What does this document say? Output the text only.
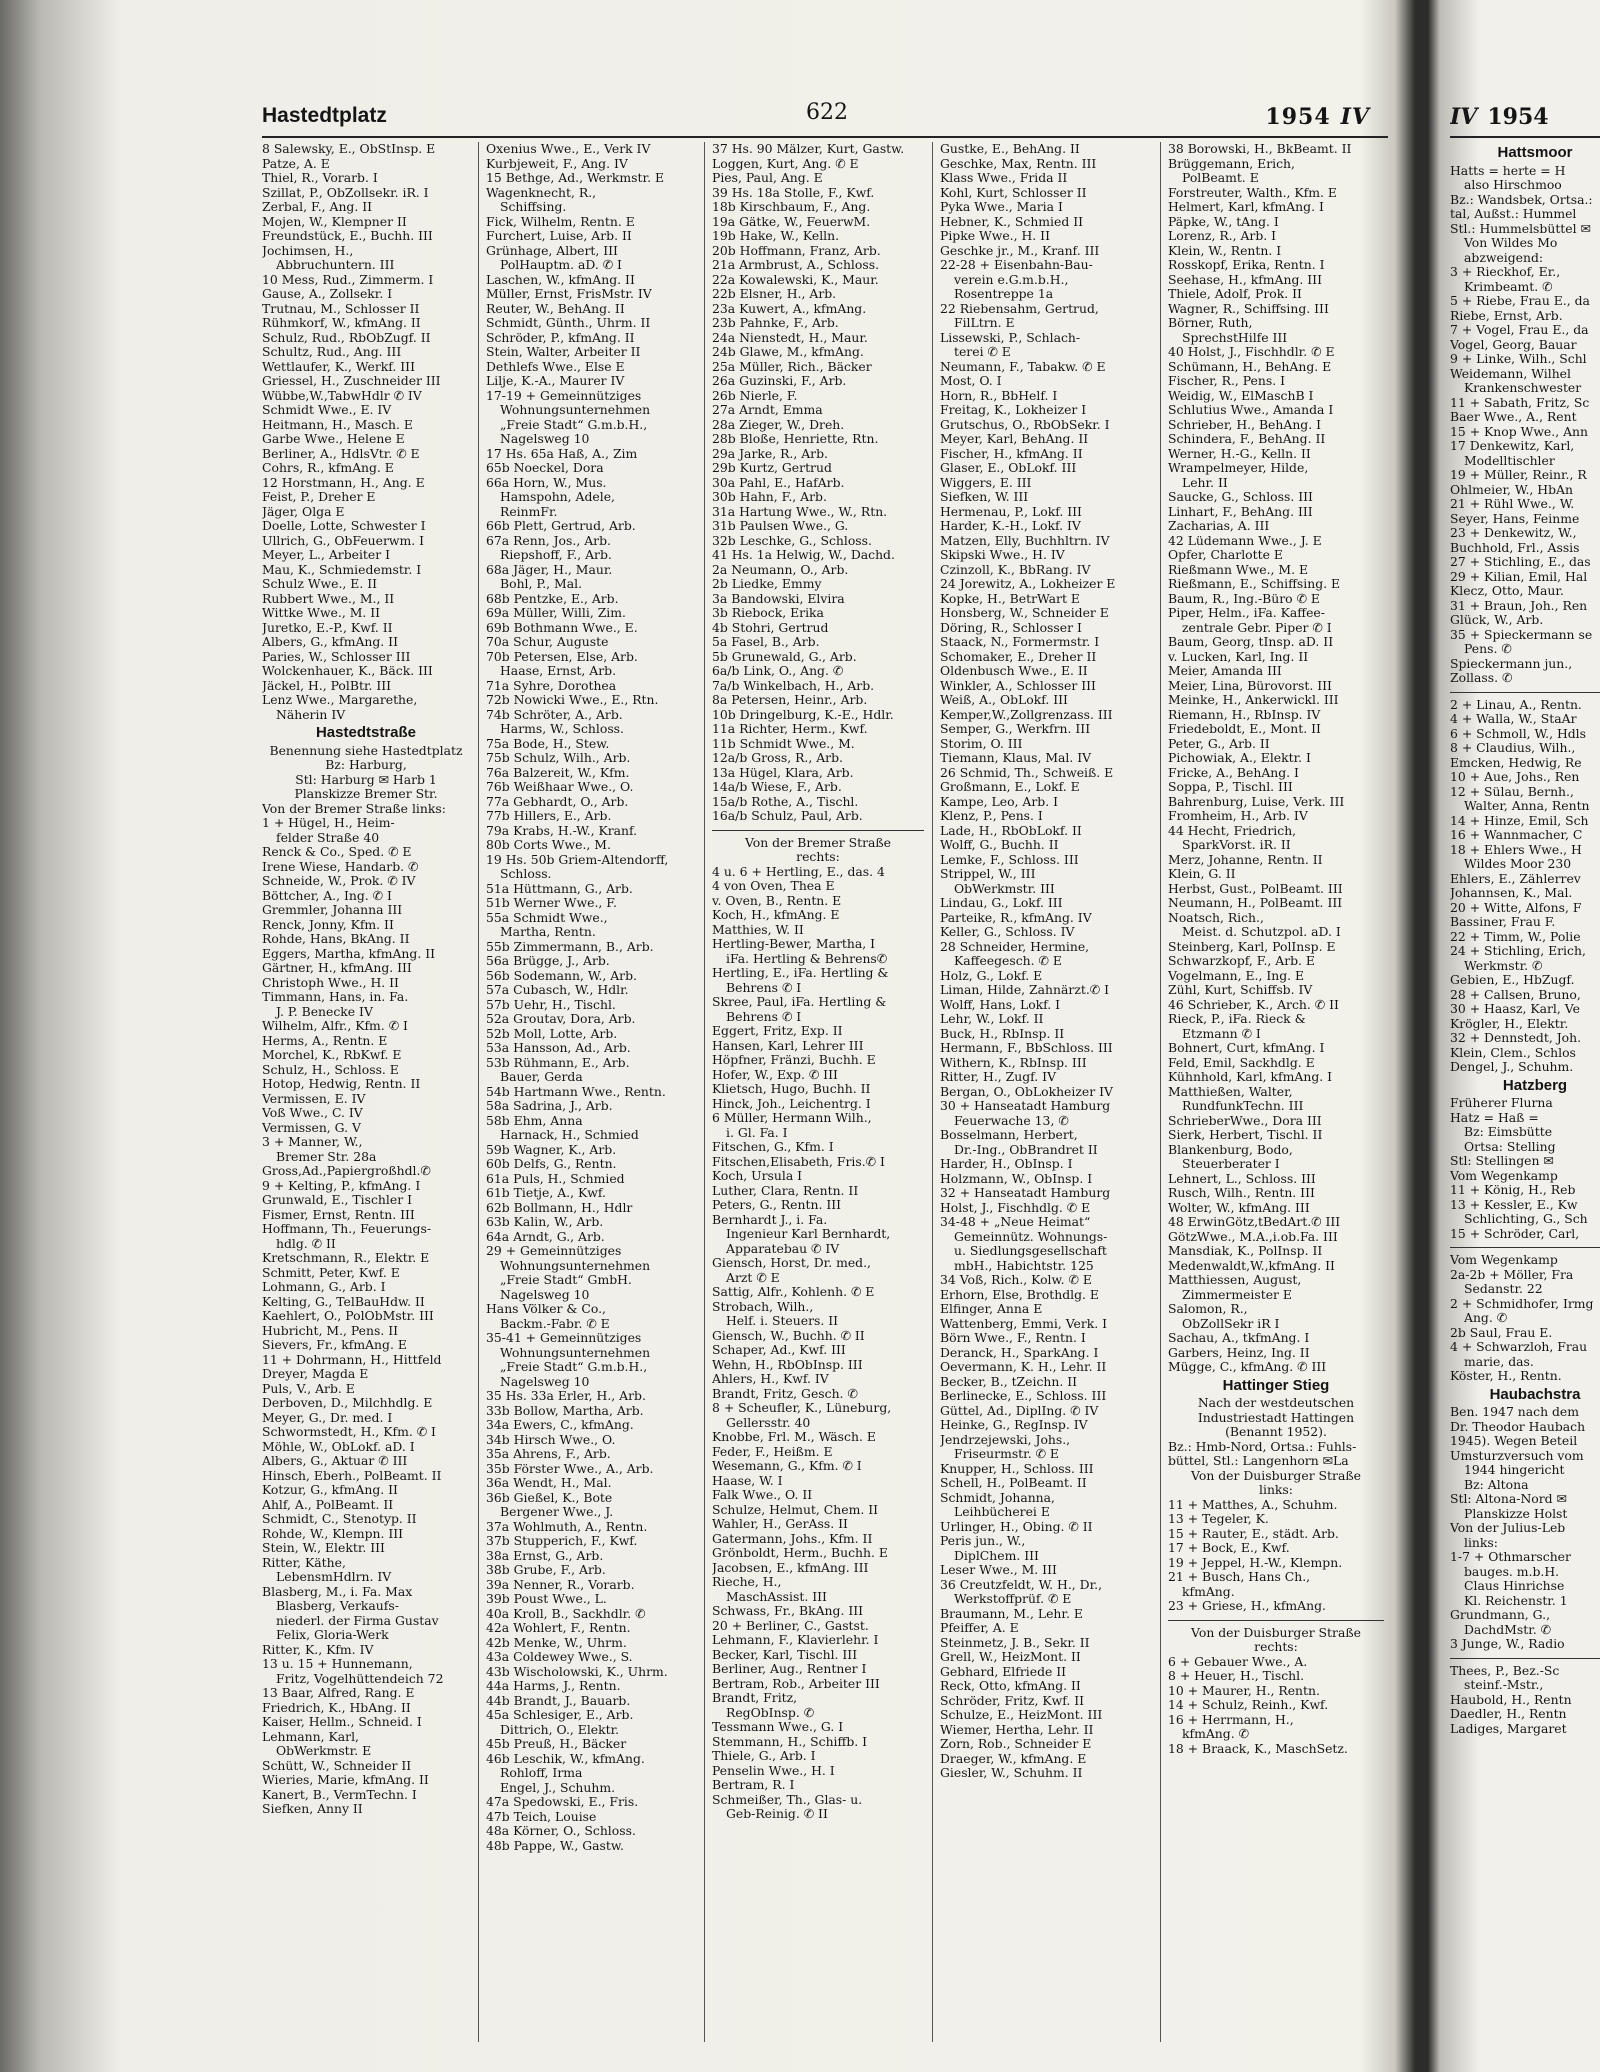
Hastedtplatz	622	1954 IV
8 Salewsky, E., ObStInsp. E
Patze, A. E
Thiel, R., Vorarb. I
Szillat, P., ObZollsekr. iR. I
Zerbal, F., Ang. II
Mojen, W., Klempner II
Freundstück, E., Buchh. III
Jochimsen, H.,
Abbruchuntern. III
10 Mess, Rud., Zimmerm. I
Gause, A., Zollsekr. I
Trutnau, M., Schlosser II
Rühmkorf, W., kfmAng. II
Schulz, Rud., RbObZugf. II
Schultz, Rud., Ang. III
Wettlaufer, K., Werkf. III
Griessel, H., Zuschneider III
Wübbe,W.,TabwHdlr ✆ IV
Schmidt Wwe., E. IV
Heitmann, H., Masch. E
Garbe Wwe., Helene E
Berliner, A., HdlsVtr. ✆ E
Cohrs, R., kfmAng. E
12 Horstmann, H., Ang. E
Feist, P., Dreher E
Jäger, Olga E
Doelle, Lotte, Schwester I
Ullrich, G., ObFeuerwm. I
Meyer, L., Arbeiter I
Mau, K., Schmiedemstr. I
Schulz Wwe., E. II
Rubbert Wwe., M., II
Wittke Wwe., M. II
Juretko, E.-P., Kwf. II
Albers, G., kfmAng. II
Paries, W., Schlosser III
Wolckenhauer, K., Bäck. III
Jäckel, H., PolBtr. III
Lenz Wwe., Margarethe,
Näherin IV
Hastedtstraße
Benennung siehe Hastedtplatz
Bz: Harburg,
Stl: Harburg ✉ Harb 1
Planskizze Bremer Str.
Von der Bremer Straße links:
1 + Hügel, H., Heim-
felder Straße 40
Renck & Co., Sped. ✆ E
Irene Wiese, Handarb. ✆
Schneide, W., Prok. ✆ IV
Böttcher, A., Ing. ✆ I
Gremmler, Johanna III
Renck, Jonny, Kfm. II
Rohde, Hans, BkAng. II
Eggers, Martha, kfmAng. II
Gärtner, H., kfmAng. III
Christoph Wwe., H. II
Timmann, Hans, in. Fa.
J. P. Benecke IV
Wilhelm, Alfr., Kfm. ✆ I
Herms, A., Rentn. E
Morchel, K., RbKwf. E
Schulz, H., Schloss. E
Hotop, Hedwig, Rentn. II
Vermissen, E. IV
Voß Wwe., C. IV
Vermissen, G. V
3 + Manner, W.,
Bremer Str. 28a
Gross,Ad.,Papiergroßhdl.✆
9 + Kelting, P., kfmAng. I
Grunwald, E., Tischler I
Fismer, Ernst, Rentn. III
Hoffmann, Th., Feuerungs-
hdlg. ✆ II
Kretschmann, R., Elektr. E
Schmitt, Peter, Kwf. E
Lohmann, G., Arb. I
Kelting, G., TelBauHdw. II
Kaehlert, O., PolObMstr. III
Hubricht, M., Pens. II
Sievers, Fr., kfmAng. E
11 + Dohrmann, H., Hittfeld
Dreyer, Magda E
Puls, V., Arb. E
Derboven, D., Milchhdlg. E
Meyer, G., Dr. med. I
Schwormstedt, H., Kfm. ✆ I
Möhle, W., ObLokf. aD. I
Albers, G., Aktuar ✆ III
Hinsch, Eberh., PolBeamt. II
Kotzur, G., kfmAng. II
Ahlf, A., PolBeamt. II
Schmidt, C., Stenotyp. II
Rohde, W., Klempn. III
Stein, W., Elektr. III
Ritter, Käthe,
LebensmHdlrn. IV
Blasberg, M., i. Fa. Max
Blasberg, Verkaufs-
niederl. der Firma Gustav
Felix, Gloria-Werk
Ritter, K., Kfm. IV
13 u. 15 + Hunnemann,
Fritz, Vogelhüttendeich 72
13 Baar, Alfred, Rang. E
Friedrich, K., HbAng. II
Kaiser, Hellm., Schneid. I
Lehmann, Karl,
ObWerkmstr. E
Schütt, W., Schneider II
Wieries, Marie, kfmAng. II
Kanert, B., VermTechn. I
Siefken, Anny II
Oxenius Wwe., E., Verk IV
Kurbjeweit, F., Ang. IV
15 Bethge, Ad., Werkmstr. E
Wagenknecht, R.,
Schiffsing.
Fick, Wilhelm, Rentn. E
Furchert, Luise, Arb. II
Grünhage, Albert, III
PolHauptm. aD. ✆ I
Laschen, W., kfmAng. II
Müller, Ernst, FrisMstr. IV
Reuter, W., BehAng. II
Schmidt, Günth., Uhrm. II
Schröder, P., kfmAng. II
Stein, Walter, Arbeiter II
Dethlefs Wwe., Else E
Lilje, K.-A., Maurer IV
17-19 + Gemeinnütziges
Wohnungsunternehmen
„Freie Stadt“ G.m.b.H.,
Nagelsweg 10
17 Hs. 65a Haß, A., Zim
65b Noeckel, Dora
66a Horn, W., Mus.
Hamspohn, Adele,
ReinmFr.
66b Plett, Gertrud, Arb.
67a Renn, Jos., Arb.
Riepshoff, F., Arb.
68a Jäger, H., Maur.
Bohl, P., Mal.
68b Pentzke, E., Arb.
69a Müller, Willi, Zim.
69b Bothmann Wwe., E.
70a Schur, Auguste
70b Petersen, Else, Arb.
Haase, Ernst, Arb.
71a Syhre, Dorothea
72b Nowicki Wwe., E., Rtn.
74b Schröter, A., Arb.
Harms, W., Schloss.
75a Bode, H., Stew.
75b Schulz, Wilh., Arb.
76a Balzereit, W., Kfm.
76b Weißhaar Wwe., O.
77a Gebhardt, O., Arb.
77b Hillers, E., Arb.
79a Krabs, H.-W., Kranf.
80b Corts Wwe., M.
19 Hs. 50b Griem-Altendorff,
Schloss.
51a Hüttmann, G., Arb.
51b Werner Wwe., F.
55a Schmidt Wwe.,
Martha, Rentn.
55b Zimmermann, B., Arb.
56a Brügge, J., Arb.
56b Sodemann, W., Arb.
57a Cubasch, W., Hdlr.
57b Uehr, H., Tischl.
52a Groutav, Dora, Arb.
52b Moll, Lotte, Arb.
53a Hansson, Ad., Arb.
53b Rühmann, E., Arb.
Bauer, Gerda
54b Hartmann Wwe., Rentn.
58a Sadrina, J., Arb.
58b Ehm, Anna
Harnack, H., Schmied
59b Wagner, K., Arb.
60b Delfs, G., Rentn.
61a Puls, H., Schmied
61b Tietje, A., Kwf.
62b Bollmann, H., Hdlr
63b Kalin, W., Arb.
64a Arndt, G., Arb.
29 + Gemeinnütziges
Wohnungsunternehmen
„Freie Stadt“ GmbH.
Nagelsweg 10
Hans Völker & Co.,
Backm.-Fabr. ✆ E
35-41 + Gemeinnütziges
Wohnungsunternehmen
„Freie Stadt“ G.m.b.H.,
Nagelsweg 10
35 Hs. 33a Erler, H., Arb.
33b Bollow, Martha, Arb.
34a Ewers, C., kfmAng.
34b Hirsch Wwe., O.
35a Ahrens, F., Arb.
35b Förster Wwe., A., Arb.
36a Wendt, H., Mal.
36b Gießel, K., Bote
Bergener Wwe., J.
37a Wohlmuth, A., Rentn.
37b Stupperich, F., Kwf.
38a Ernst, G., Arb.
38b Grube, F., Arb.
39a Nenner, R., Vorarb.
39b Poust Wwe., L.
40a Kroll, B., Sackhdlr. ✆
42a Wohlert, F., Rentn.
42b Menke, W., Uhrm.
43a Coldewey Wwe., S.
43b Wischolowski, K., Uhrm.
44a Harms, J., Rentn.
44b Brandt, J., Bauarb.
45a Schlesiger, E., Arb.
Dittrich, O., Elektr.
45b Preuß, H., Bäcker
46b Leschik, W., kfmAng.
Rohloff, Irma
Engel, J., Schuhm.
47a Spedowski, E., Fris.
47b Teich, Louise
48a Körner, O., Schloss.
48b Pappe, W., Gastw.
37 Hs. 90 Mälzer, Kurt, Gastw.
Loggen, Kurt, Ang. ✆ E
Pies, Paul, Ang. E
39 Hs. 18a Stolle, F., Kwf.
18b Kirschbaum, F., Ang.
19a Gätke, W., FeuerwM.
19b Hake, W., Kelln.
20b Hoffmann, Franz, Arb.
21a Armbrust, A., Schloss.
22a Kowalewski, K., Maur.
22b Elsner, H., Arb.
23a Kuwert, A., kfmAng.
23b Pahnke, F., Arb.
24a Nienstedt, H., Maur.
24b Glawe, M., kfmAng.
25a Müller, Rich., Bäcker
26a Guzinski, F., Arb.
26b Nierle, F.
27a Arndt, Emma
28a Zieger, W., Dreh.
28b Bloße, Henriette, Rtn.
29a Jarke, R., Arb.
29b Kurtz, Gertrud
30a Pahl, E., HafArb.
30b Hahn, F., Arb.
31a Hartung Wwe., W., Rtn.
31b Paulsen Wwe., G.
32b Leschke, G., Schloss.
41 Hs. 1a Helwig, W., Dachd.
2a Neumann, O., Arb.
2b Liedke, Emmy
3a Bandowski, Elvira
3b Riebock, Erika
4b Stohri, Gertrud
5a Fasel, B., Arb.
5b Grunewald, G., Arb.
6a/b Link, O., Ang. ✆
7a/b Winkelbach, H., Arb.
8a Petersen, Heinr., Arb.
10b Dringelburg, K.-E., Hdlr.
11a Richter, Herm., Kwf.
11b Schmidt Wwe., M.
12a/b Gross, R., Arb.
13a Hügel, Klara, Arb.
14a/b Wiese, F., Arb.
15a/b Rothe, A., Tischl.
16a/b Schulz, Paul, Arb.
Von der Bremer Straße
rechts:
4 u. 6 + Hertling, E., das. 4
4 von Oven, Thea E
v. Oven, B., Rentn. E
Koch, H., kfmAng. E
Matthies, W. II
Hertling-Bewer, Martha, I
iFa. Hertling & Behrens✆
Hertling, E., iFa. Hertling &
Behrens ✆ I
Skree, Paul, iFa. Hertling &
Behrens ✆ I
Eggert, Fritz, Exp. II
Hansen, Karl, Lehrer III
Höpfner, Fränzi, Buchh. E
Hofer, W., Exp. ✆ III
Klietsch, Hugo, Buchh. II
Hinck, Joh., Leichentrg. I
6 Müller, Hermann Wilh.,
i. Gl. Fa. I
Fitschen, G., Kfm. I
Fitschen,Elisabeth, Fris.✆ I
Koch, Ursula I
Luther, Clara, Rentn. II
Peters, G., Rentn. III
Bernhardt J., i. Fa.
Ingenieur Karl Bernhardt,
Apparatebau ✆ IV
Giensch, Horst, Dr. med.,
Arzt ✆ E
Sattig, Alfr., Kohlenh. ✆ E
Strobach, Wilh.,
Helf. i. Steuers. II
Giensch, W., Buchh. ✆ II
Schaper, Ad., Kwf. III
Wehn, H., RbObInsp. III
Ahlers, H., Kwf. IV
Brandt, Fritz, Gesch. ✆
8 + Scheufler, K., Lüneburg,
Gellersstr. 40
Knobbe, Frl. M., Wäsch. E
Feder, F., Heißm. E
Wesemann, G., Kfm. ✆ I
Haase, W. I
Falk Wwe., O. II
Schulze, Helmut, Chem. II
Wahler, H., GerAss. II
Gatermann, Johs., Kfm. II
Grönboldt, Herm., Buchh. E
Jacobsen, E., kfmAng. III
Rieche, H.,
MaschAssist. III
Schwass, Fr., BkAng. III
20 + Berliner, C., Gastst.
Lehmann, F., Klavierlehr. I
Becker, Karl, Tischl. III
Berliner, Aug., Rentner I
Bertram, Rob., Arbeiter III
Brandt, Fritz,
RegObInsp. ✆
Tessmann Wwe., G. I
Stemmann, H., Schiffb. I
Thiele, G., Arb. I
Penselin Wwe., H. I
Bertram, R. I
Schmeißer, Th., Glas- u.
Geb-Reinig. ✆ II
Gustke, E., BehAng. II
Geschke, Max, Rentn. III
Klass Wwe., Frida II
Kohl, Kurt, Schlosser II
Pyka Wwe., Maria I
Hebner, K., Schmied II
Pipke Wwe., H. II
Geschke jr., M., Kranf. III
22-28 + Eisenbahn-Bau-
verein e.G.m.b.H.,
Rosentreppe 1a
22 Riebensahm, Gertrud,
FilLtrn. E
Lissewski, P., Schlach-
terei ✆ E
Neumann, F., Tabakw. ✆ E
Most, O. I
Horn, R., BbHelf. I
Freitag, K., Lokheizer I
Grutschus, O., RbObSekr. I
Meyer, Karl, BehAng. II
Fischer, H., kfmAng. II
Glaser, E., ObLokf. III
Wiggers, E. III
Siefken, W. III
Hermenau, P., Lokf. III
Harder, K.-H., Lokf. IV
Matzen, Elly, Buchhltrn. IV
Skipski Wwe., H. IV
Czinzoll, K., BbRang. IV
24 Jorewitz, A., Lokheizer E
Kopke, H., BetrWart E
Honsberg, W., Schneider E
Döring, R., Schlosser I
Staack, N., Formermstr. I
Schomaker, E., Dreher II
Oldenbusch Wwe., E. II
Winkler, A., Schlosser III
Weiß, A., ObLokf. III
Kemper,W.,Zollgrenzass. III
Semper, G., Werkfrn. III
Storim, O. III
Tiemann, Klaus, Mal. IV
26 Schmid, Th., Schweiß. E
Großmann, E., Lokf. E
Kampe, Leo, Arb. I
Klenz, P., Pens. I
Lade, H., RbObLokf. II
Wolff, G., Buchh. II
Lemke, F., Schloss. III
Strippel, W., III
ObWerkmstr. III
Lindau, G., Lokf. III
Parteike, R., kfmAng. IV
Keller, G., Schloss. IV
28 Schneider, Hermine,
Kaffeegesch. ✆ E
Holz, G., Lokf. E
Liman, Hilde, Zahnärzt.✆ I
Wolff, Hans, Lokf. I
Lehr, W., Lokf. II
Buck, H., RbInsp. II
Hermann, F., BbSchloss. III
Withern, K., RbInsp. III
Ritter, H., Zugf. IV
Bergan, O., ObLokheizer IV
30 + Hanseatadt Hamburg
Feuerwache 13, ✆
Bosselmann, Herbert,
Dr.-Ing., ObBrandret II
Harder, H., ObInsp. I
Holzmann, W., ObInsp. I
32 + Hanseatadt Hamburg
Holst, J., Fischhdlg. ✆ E
34-48 + „Neue Heimat“
Gemeinnütz. Wohnungs-
u. Siedlungsgesellschaft
mbH., Habichtstr. 125
34 Voß, Rich., Kolw. ✆ E
Erhorn, Else, Brothdlg. E
Elfinger, Anna E
Wattenberg, Emmi, Verk. I
Börn Wwe., F., Rentn. I
Deranck, H., SparkAng. I
Oevermann, K. H., Lehr. II
Becker, B., tZeichn. II
Berlinecke, E., Schloss. III
Güttel, Ad., DiplIng. ✆ IV
Heinke, G., RegInsp. IV
Jendrzejewski, Johs.,
Friseurmstr. ✆ E
Knupper, H., Schloss. III
Schell, H., PolBeamt. II
Schmidt, Johanna,
Leihbücherei E
Urlinger, H., Obing. ✆ II
Peris jun., W.,
DiplChem. III
Leser Wwe., M. III
36 Creutzfeldt, W. H., Dr.,
Werkstoffprüf. ✆ E
Braumann, M., Lehr. E
Pfeiffer, A. E
Steinmetz, J. B., Sekr. II
Grell, W., HeizMont. II
Gebhard, Elfriede II
Reck, Otto, kfmAng. II
Schröder, Fritz, Kwf. II
Schulze, E., HeizMont. III
Wiemer, Hertha, Lehr. II
Zorn, Rob., Schneider E
Draeger, W., kfmAng. E
Giesler, W., Schuhm. II
38 Borowski, H., BkBeamt. II
Brüggemann, Erich,
PolBeamt. E
Forstreuter, Walth., Kfm. E
Helmert, Karl, kfmAng. I
Päpke, W., tAng. I
Lorenz, R., Arb. I
Klein, W., Rentn. I
Rosskopf, Erika, Rentn. I
Seehase, H., kfmAng. III
Thiele, Adolf, Prok. II
Wagner, R., Schiffsing. III
Börner, Ruth,
SprechstHilfe III
40 Holst, J., Fischhdlr. ✆ E
Schümann, H., BehAng. E
Fischer, R., Pens. I
Weidig, W., ElMaschB I
Schlutius Wwe., Amanda I
Schrieber, H., BehAng. I
Schindera, F., BehAng. II
Werner, H.-G., Kelln. II
Wrampelmeyer, Hilde,
Lehr. II
Saucke, G., Schloss. III
Linhart, F., BehAng. III
Zacharias, A. III
42 Lüdemann Wwe., J. E
Opfer, Charlotte E
Rießmann Wwe., M. E
Rießmann, E., Schiffsing. E
Baum, R., Ing.-Büro ✆ E
Piper, Helm., iFa. Kaffee-
zentrale Gebr. Piper ✆ I
Baum, Georg, tInsp. aD. II
v. Lucken, Karl, Ing. II
Meier, Amanda III
Meier, Lina, Bürovorst. III
Meinke, H., Ankerwickl. III
Riemann, H., RbInsp. IV
Friedeboldt, E., Mont. II
Peter, G., Arb. II
Pichowiak, A., Elektr. I
Fricke, A., BehAng. I
Soppa, P., Tischl. III
Bahrenburg, Luise, Verk. III
Fromheim, H., Arb. IV
44 Hecht, Friedrich,
SparkVorst. iR. II
Merz, Johanne, Rentn. II
Klein, G. II
Herbst, Gust., PolBeamt. III
Neumann, H., PolBeamt. III
Noatsch, Rich.,
Meist. d. Schutzpol. aD. I
Steinberg, Karl, PolInsp. E
Schwarzkopf, F., Arb. E
Vogelmann, E., Ing. E
Zühl, Kurt, Schiffsb. IV
46 Schrieber, K., Arch. ✆ II
Rieck, P., iFa. Rieck &
Etzmann ✆ I
Bohnert, Curt, kfmAng. I
Feld, Emil, Sackhdlg. E
Kühnhold, Karl, kfmAng. I
Matthießen, Walter,
RundfunkTechn. III
SchrieberWwe., Dora III
Sierk, Herbert, Tischl. II
Blankenburg, Bodo,
Steuerberater I
Lehnert, L., Schloss. III
Rusch, Wilh., Rentn. III
Wolter, W., kfmAng. III
48 ErwinGötz,tBedArt.✆ III
GötzWwe., M.A.,i.ob.Fa. III
Mansdiak, K., PolInsp. II
Medenwaldt,W.,kfmAng. II
Matthiessen, August,
Zimmermeister E
Salomon, R.,
ObZollSekr iR I
Sachau, A., tkfmAng. I
Garbers, Heinz, Ing. II
Mügge, C., kfmAng. ✆ III
Hattinger Stieg
Nach der westdeutschen
Industriestadt Hattingen
(Benannt 1952).
Bz.: Hmb-Nord, Ortsa.: Fuhls-
büttel, Stl.: Langenhorn ✉La
Von der Duisburger Straße
links:
11 + Matthes, A., Schuhm.
13 + Tegeler, K.
15 + Rauter, E., städt. Arb.
17 + Bock, E., Kwf.
19 + Jeppel, H.-W., Klempn.
21 + Busch, Hans Ch.,
kfmAng.
23 + Griese, H., kfmAng.
Von der Duisburger Straße
rechts:
6 + Gebauer Wwe., A.
8 + Heuer, H., Tischl.
10 + Maurer, H., Rentn.
14 + Schulz, Reinh., Kwf.
16 + Herrmann, H.,
kfmAng. ✆
18 + Braack, K., MaschSetz.
IV 1954
Hattsmoor
Hatts = herte = H
also Hirschmoo
Bz.: Wandsbek, Ortsa.:
tal, Außst.: Hummel
Stl.: Hummelsbüttel ✉
Von Wildes Mo
abzweigend:
3 + Rieckhof, Er.,
Krimbeamt. ✆
5 + Riebe, Frau E., da
Riebe, Ernst, Arb.
7 + Vogel, Frau E., da
Vogel, Georg, Bauar
9 + Linke, Wilh., Schl
Weidemann, Wilhel
Krankenschwester
11 + Sabath, Fritz, Sc
Baer Wwe., A., Rent
15 + Knop Wwe., Ann
17 Denkewitz, Karl,
Modelltischler
19 + Müller, Reinr., R
Ohlmeier, W., HbAn
21 + Rühl Wwe., W.
Seyer, Hans, Feinme
23 + Denkewitz, W.,
Buchhold, Frl., Assis
27 + Stichling, E., das
29 + Kilian, Emil, Hal
Klecz, Otto, Maur.
31 + Braun, Joh., Ren
Glück, W., Arb.
35 + Spieckermann se
Pens. ✆
Spieckermann jun.,
Zollass. ✆
2 + Linau, A., Rentn.
4 + Walla, W., StaAr
6 + Schmoll, W., Hdls
8 + Claudius, Wilh.,
Emcken, Hedwig, Re
10 + Aue, Johs., Ren
12 + Sülau, Bernh.,
Walter, Anna, Rentn
14 + Hinze, Emil, Sch
16 + Wannmacher, C
18 + Ehlers Wwe., H
Wildes Moor 230
Ehlers, E., Zählerrev
Johannsen, K., Mal.
20 + Witte, Alfons, F
Bassiner, Frau F.
22 + Timm, W., Polie
24 + Stichling, Erich,
Werkmstr. ✆
Gebien, E., HbZugf.
28 + Callsen, Bruno,
30 + Haasz, Karl, Ve
Krögler, H., Elektr.
32 + Dennstedt, Joh.
Klein, Clem., Schlos
Dengel, J., Schuhm.
Hatzberg
Früherer Flurna
Hatz = Haß =
Bz: Eimsbütte
Ortsa: Stelling
Stl: Stellingen ✉
Vom Wegenkamp
11 + König, H., Reb
13 + Kessler, E., Kw
Schlichting, G., Sch
15 + Schröder, Carl,
Vom Wegenkamp
2a-2b + Möller, Fra
Sedanstr. 22
2 + Schmidhofer, Irmg
Ang. ✆
2b Saul, Frau E.
4 + Schwarzloh, Frau
marie, das.
Köster, H., Rentn.
Haubachstra
Ben. 1947 nach dem
Dr. Theodor Haubach
1945). Wegen Beteil
Umsturzversuch vom
1944 hingericht
Bz: Altona
Stl: Altona-Nord ✉
Planskizze Holst
Von der Julius-Leb
links:
1-7 + Othmarscher
bauges. m.b.H.
Claus Hinrichse
Kl. Reichenstr. 1
Grundmann, G.,
DachdMstr. ✆
3 Junge, W., Radio
Thees, P., Bez.-Sc
steinf.-Mstr.,
Haubold, H., Rentn
Daedler, H., Rentn
Ladiges, Margaret
